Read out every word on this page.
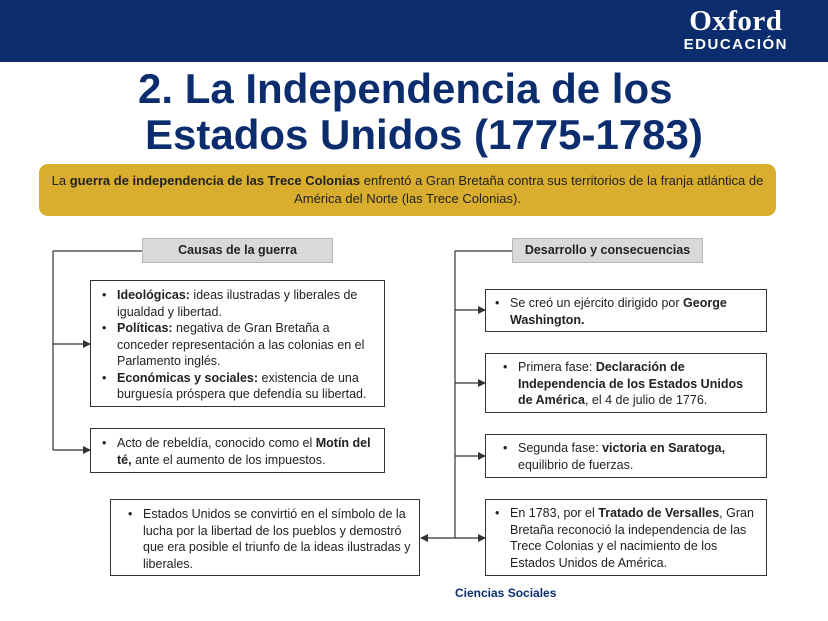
Oxford
EDUCACIÓN
2. La Independencia de los
Estados Unidos (1775-1783)
La guerra de independencia de las Trece Colonias enfrentó a Gran Bretaña contra sus territorios de la franja atlántica de América del Norte (las Trece Colonias).
Causas de la guerra	Desarrollo y consecuencias
• Ideológicas: ideas ilustradas y liberales de igualdad y libertad.
• Políticas: negativa de Gran Bretaña a conceder representación a las colonias en el Parlamento inglés.
• Económicas y sociales: existencia de una burguesía próspera que defendía su libertad.
• Acto de rebeldía, conocido como el Motín del té, ante el aumento de los impuestos.
• Estados Unidos se convirtió en el símbolo de la lucha por la libertad de los pueblos y demostró que era posible el triunfo de la ideas ilustradas y liberales.
• Se creó un ejército dirigido por George Washington.
• Primera fase: Declaración de Independencia de los Estados Unidos de América, el 4 de julio de 1776.
• Segunda fase: victoria en Saratoga, equilibrio de fuerzas.
• En 1783, por el Tratado de Versalles, Gran Bretaña reconoció la independencia de las Trece Colonias y el nacimiento de los Estados Unidos de América.
Ciencias Sociales
